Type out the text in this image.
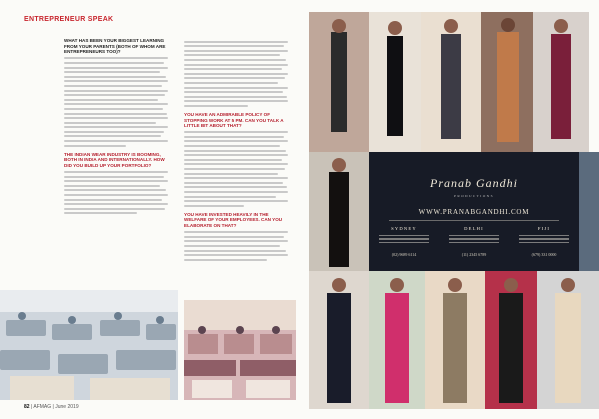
ENTREPRENEUR SPEAK
WHAT HAS BEEN YOUR BIGGEST LEARNING FROM YOUR PARENTS (BOTH OF WHOM ARE ENTREPRENEURS TOO)?
THE INDIAN WEAR INDUSTRY IS BOOMING, BOTH IN INDIA AND INTERNATIONALLY. HOW DID YOU BUILD UP YOUR PORTFOLIO?
YOU HAVE AN ADMIRABLE POLICY OF STOPPING WORK AT 5 PM. CAN YOU TALK A LITTLE BIT ABOUT THAT?
YOU HAVE INVESTED HEAVILY IN THE WELFARE OF YOUR EMPLOYEES. CAN YOU ELABORATE ON THAT?
82 | AFMAG | June 2019
Pranab Gandhi
PRODUCTIONS
WWW.PRANABGANDHI.COM
SYDNEY	DELHI	FIJI
(02) 9689 6114	(11) 2345 6789	(679) 331 0000
